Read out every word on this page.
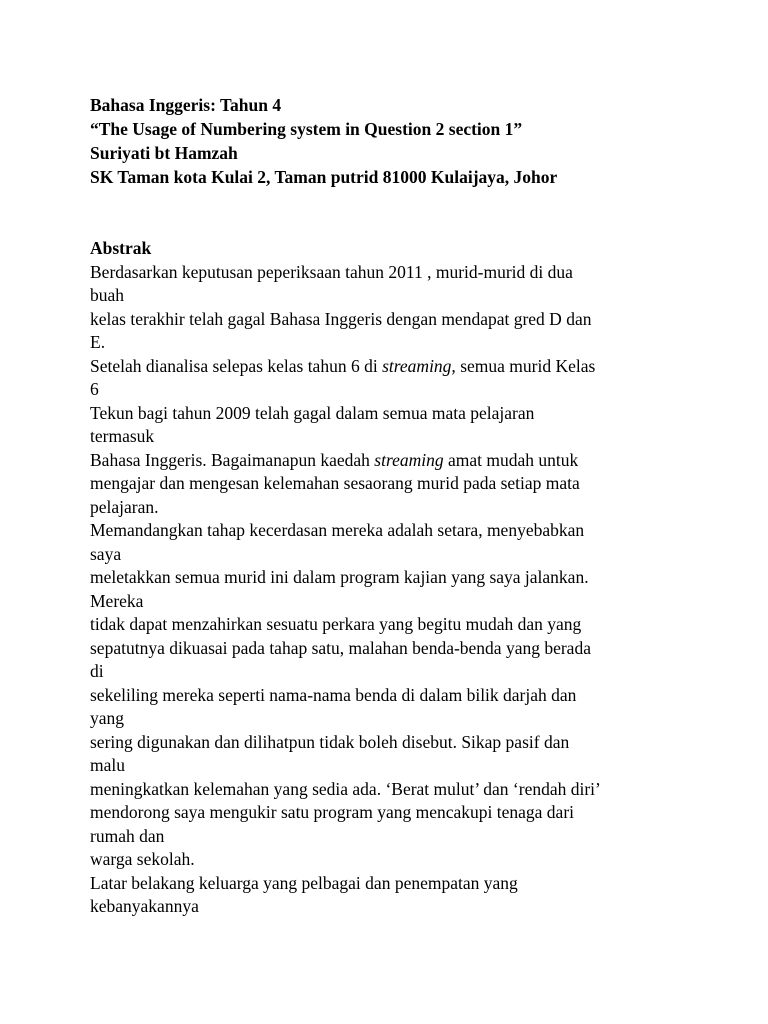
Bahasa Inggeris: Tahun 4
“The Usage of Numbering system in Question 2 section 1”
Suriyati bt Hamzah
SK Taman kota Kulai 2, Taman putrid 81000 Kulaijaya, Johor
Abstrak
Berdasarkan keputusan peperiksaan tahun 2011 , murid-murid di dua
buah
kelas terakhir telah gagal Bahasa Inggeris dengan mendapat gred D dan
E.
Setelah dianalisa selepas kelas tahun 6 di streaming, semua murid Kelas
6
Tekun bagi tahun 2009 telah gagal dalam semua mata pelajaran
termasuk
Bahasa Inggeris. Bagaimanapun kaedah streaming amat mudah untuk
mengajar dan mengesan kelemahan sesaorang murid pada setiap mata
pelajaran.
Memandangkan tahap kecerdasan mereka adalah setara, menyebabkan
saya
meletakkan semua murid ini dalam program kajian yang saya jalankan.
Mereka
tidak dapat menzahirkan sesuatu perkara yang begitu mudah dan yang
sepatutnya dikuasai pada tahap satu, malahan benda-benda yang berada
di
sekeliling mereka seperti nama-nama benda di dalam bilik darjah dan
yang
sering digunakan dan dilihatpun tidak boleh disebut. Sikap pasif dan
malu
meningkatkan kelemahan yang sedia ada. ‘Berat mulut’ dan ‘rendah diri’
mendorong saya mengukir satu program yang mencakupi tenaga dari
rumah dan
warga sekolah.
Latar belakang keluarga yang pelbagai dan penempatan yang
kebanyakannya
